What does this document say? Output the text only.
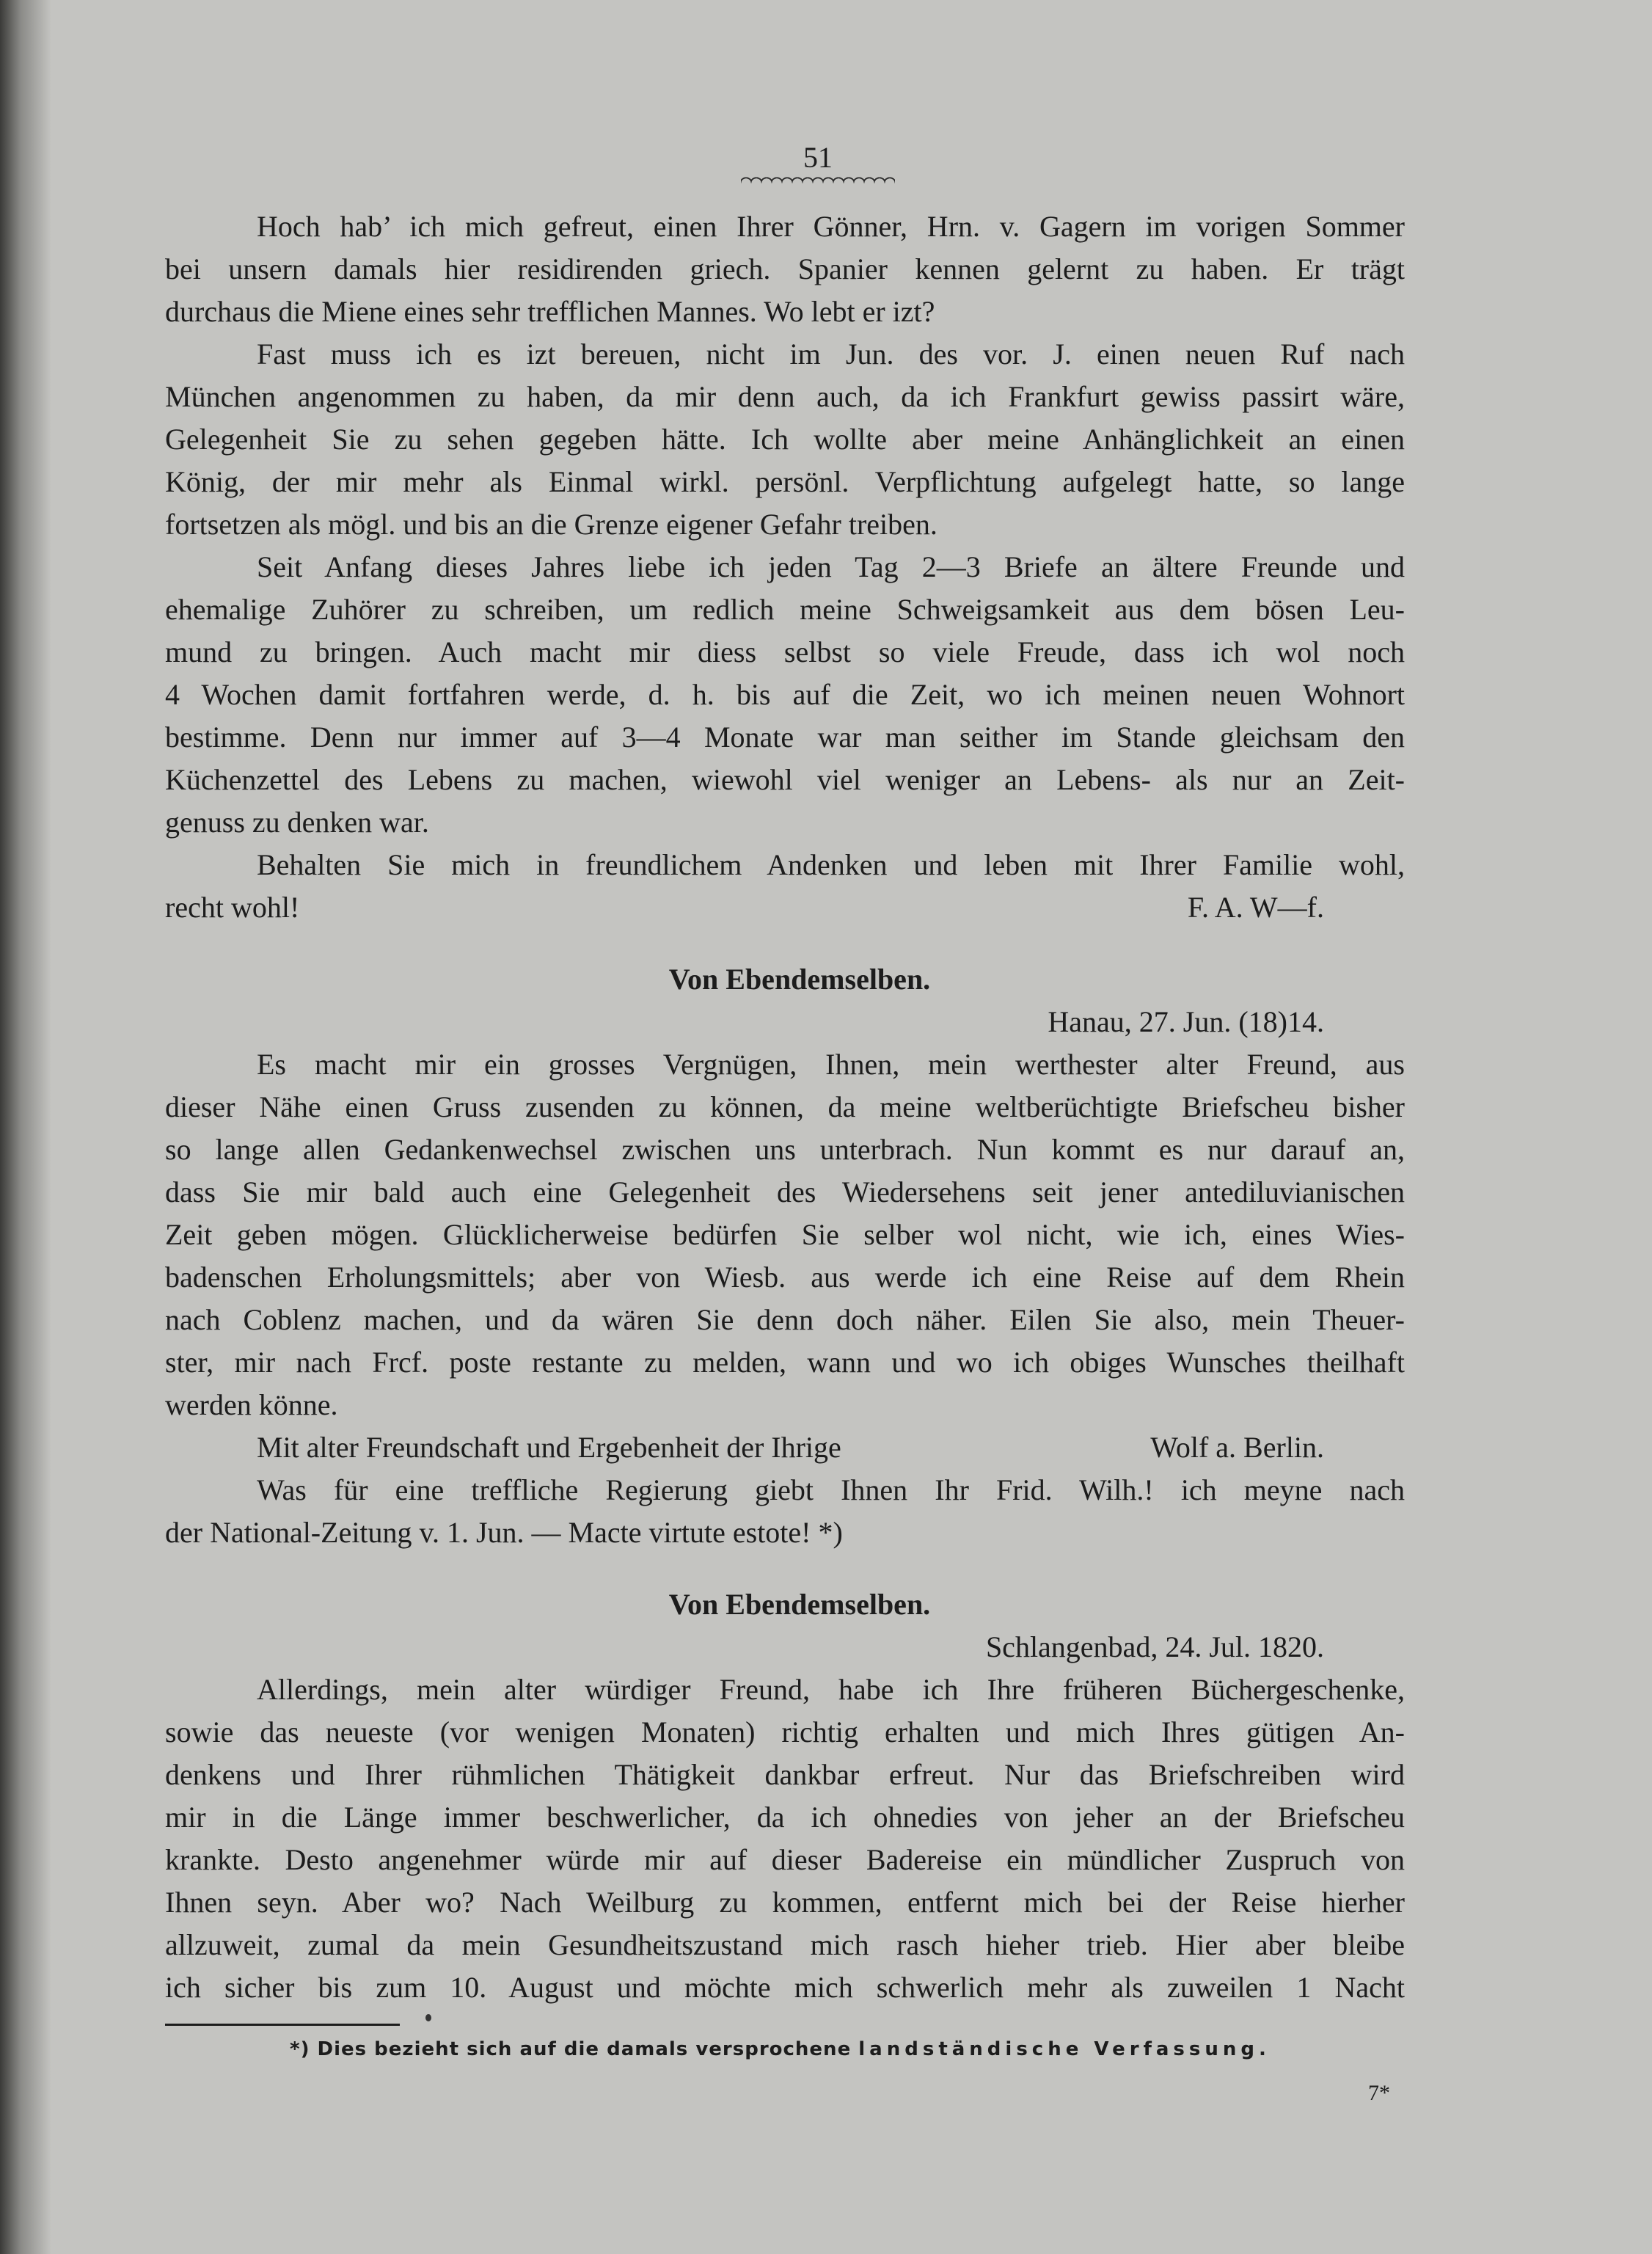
51
Hoch hab’ ich mich gefreut, einen Ihrer Gönner, Hrn. v. Gagern im vorigen Sommer
bei unsern damals hier residirenden griech. Spanier kennen gelernt zu haben. Er trägt
durchaus die Miene eines sehr trefflichen Mannes. Wo lebt er izt?
Fast muss ich es izt bereuen, nicht im Jun. des vor. J. einen neuen Ruf nach
München angenommen zu haben, da mir denn auch, da ich Frankfurt gewiss passirt wäre,
Gelegenheit Sie zu sehen gegeben hätte. Ich wollte aber meine Anhänglichkeit an einen
König, der mir mehr als Einmal wirkl. persönl. Verpflichtung aufgelegt hatte, so lange
fortsetzen als mögl. und bis an die Grenze eigener Gefahr treiben.
Seit Anfang dieses Jahres liebe ich jeden Tag 2—3 Briefe an ältere Freunde und
ehemalige Zuhörer zu schreiben, um redlich meine Schweigsamkeit aus dem bösen Leu-
mund zu bringen. Auch macht mir diess selbst so viele Freude, dass ich wol noch
4 Wochen damit fortfahren werde, d. h. bis auf die Zeit, wo ich meinen neuen Wohnort
bestimme. Denn nur immer auf 3—4 Monate war man seither im Stande gleichsam den
Küchenzettel des Lebens zu machen, wiewohl viel weniger an Lebens- als nur an Zeit-
genuss zu denken war.
Behalten Sie mich in freundlichem Andenken und leben mit Ihrer Familie wohl,
recht wohl!	F. A. W—f.
Von Ebendemselben.
Hanau, 27. Jun. (18)14.
Es macht mir ein grosses Vergnügen, Ihnen, mein werthester alter Freund, aus
dieser Nähe einen Gruss zusenden zu können, da meine weltberüchtigte Briefscheu bisher
so lange allen Gedankenwechsel zwischen uns unterbrach. Nun kommt es nur darauf an,
dass Sie mir bald auch eine Gelegenheit des Wiedersehens seit jener antediluvianischen
Zeit geben mögen. Glücklicherweise bedürfen Sie selber wol nicht, wie ich, eines Wies-
badenschen Erholungsmittels; aber von Wiesb. aus werde ich eine Reise auf dem Rhein
nach Coblenz machen, und da wären Sie denn doch näher. Eilen Sie also, mein Theuer-
ster, mir nach Frcf. poste restante zu melden, wann und wo ich obiges Wunsches theilhaft
werden könne.
Mit alter Freundschaft und Ergebenheit der Ihrige	Wolf a. Berlin.
Was für eine treffliche Regierung giebt Ihnen Ihr Frid. Wilh.! ich meyne nach
der National-Zeitung v. 1. Jun. — Macte virtute estote! *)
Von Ebendemselben.
Schlangenbad, 24. Jul. 1820.
Allerdings, mein alter würdiger Freund, habe ich Ihre früheren Büchergeschenke,
sowie das neueste (vor wenigen Monaten) richtig erhalten und mich Ihres gütigen An-
denkens und Ihrer rühmlichen Thätigkeit dankbar erfreut. Nur das Briefschreiben wird
mir in die Länge immer beschwerlicher, da ich ohnedies von jeher an der Briefscheu
krankte. Desto angenehmer würde mir auf dieser Badereise ein mündlicher Zuspruch von
Ihnen seyn. Aber wo? Nach Weilburg zu kommen, entfernt mich bei der Reise hierher
allzuweit, zumal da mein Gesundheitszustand mich rasch hieher trieb. Hier aber bleibe
ich sicher bis zum 10. August und möchte mich schwerlich mehr als zuweilen 1 Nacht
*) Dies bezieht sich auf die damals versprochene landständische Verfassung.
7*
